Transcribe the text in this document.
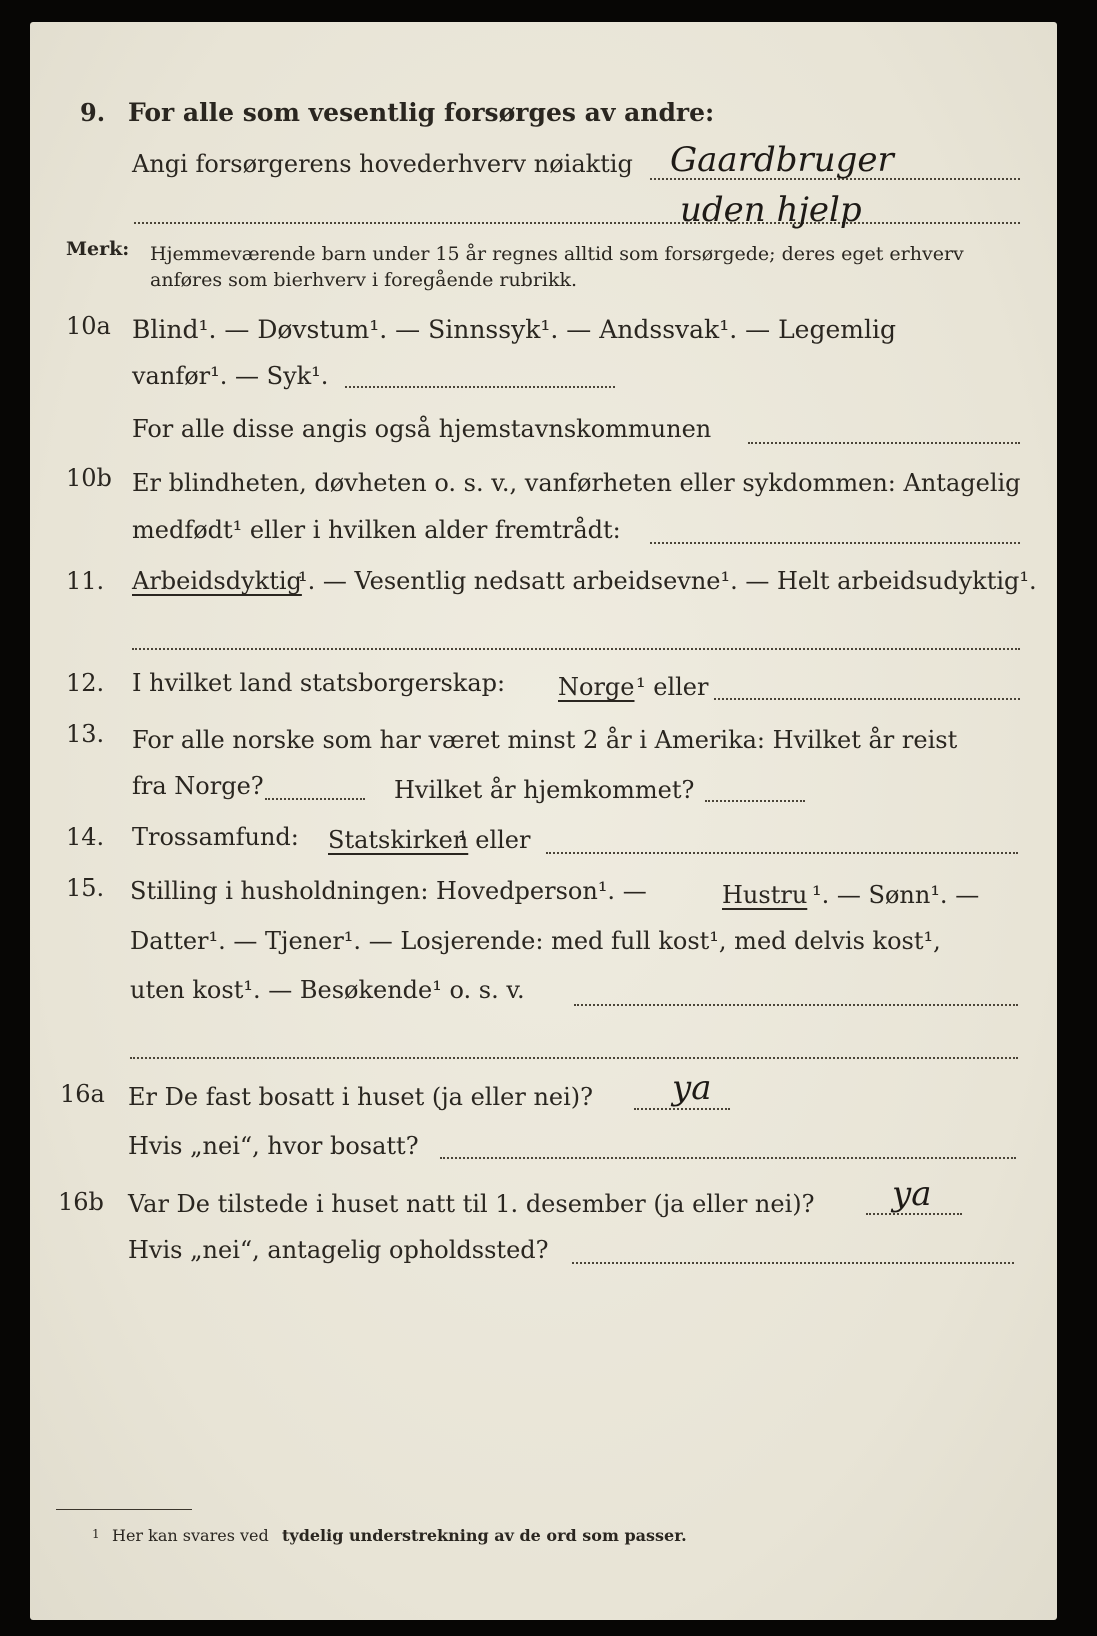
9. For alle som vesentlig forsørges av andre:
Angi forsørgerens hovederhverv nøiaktig Gaardbruger
uden hjelp
Merk: Hjemmeværende barn under 15 år regnes alltid som forsørgede; deres eget erhverv
anføres som bierhverv i foregående rubrikk.
10a Blind¹. — Døvstum¹. — Sinnssyk¹. — Andssvak¹. — Legemlig
vanfør¹. — Syk¹.
For alle disse angis også hjemstavnskommunen
10b Er blindheten, døvheten o. s. v., vanførheten eller sykdommen: Antagelig
medfødt¹ eller i hvilken alder fremtrådt:
11. Arbeidsdyktig
¹. — Vesentlig nedsatt arbeidsevne¹. — Helt arbeidsudyktig¹.
12. I hvilket land statsborgerskap: Norge ¹ eller
13. For alle norske som har været minst 2 år i Amerika: Hvilket år reist
fra Norge?	Hvilket år hjemkommet?
14. Trossamfund: Statskirken
¹ eller
15. Stilling i husholdningen: Hovedperson¹. —	Hustru ¹. — Sønn¹. —
Datter¹. — Tjener¹. — Losjerende: med full kost¹, med delvis kost¹,
uten kost¹. — Besøkende¹ o. s. v.
16a Er De fast bosatt i huset (ja eller nei)? ya
Hvis „nei“, hvor bosatt?
16b Var De tilstede i huset natt til 1. desember (ja eller nei)? ya
Hvis „nei“, antagelig opholdssted?
1 Her kan svares ved tydelig understrekning av de ord som passer.
